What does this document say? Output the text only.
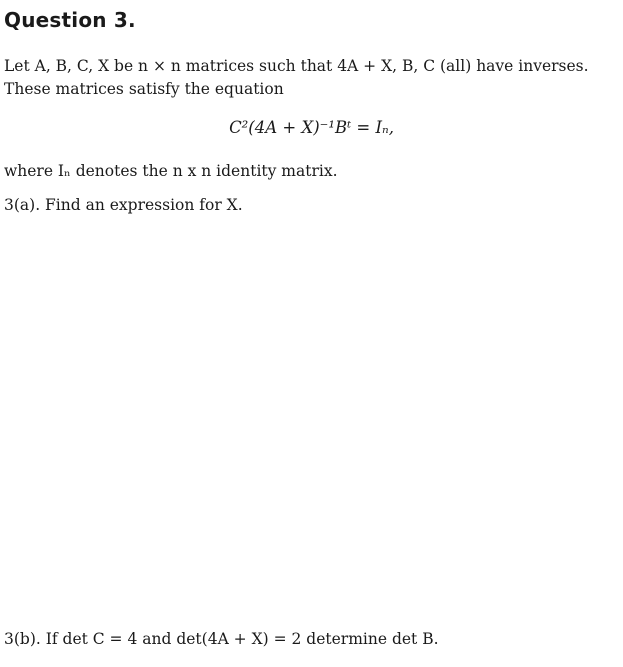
Question 3.
Let A, B, C, X be n × n matrices such that 4A + X, B, C (all) have inverses.
These matrices satisfy the equation
C²(4A + X)⁻¹Bᵗ = Iₙ,
where Iₙ denotes the n x n identity matrix.
3(a). Find an expression for X.
3(b). If det C = 4 and det(4A + X) = 2 determine det B.
